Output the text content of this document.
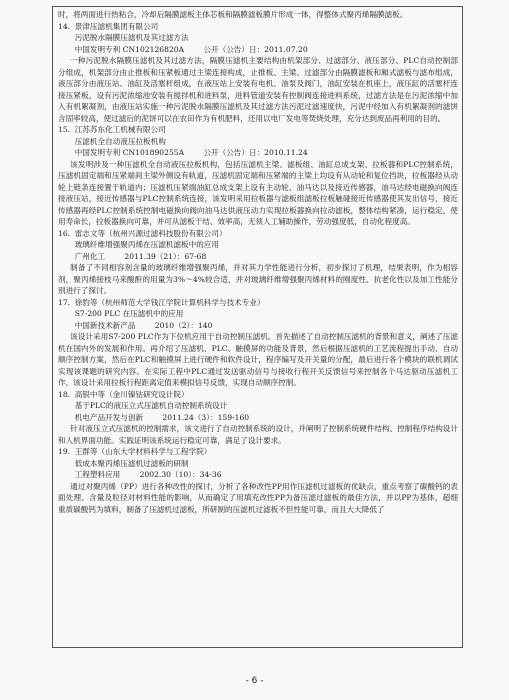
时，将两面进行热粘合，冷却后隔膜滤板主体芯板和隔膜滤板膜片形成一体，得整体式聚丙烯隔膜滤板。

14. 景津压滤机集团有限公司

污泥脱水隔膜压滤机及其过滤方法

中国发明专利 CN102126820A        公开（公告）日：2011.07.20

一种污泥脱水隔膜压滤机及其过滤方法，隔膜压滤机主要结构由机架部分、过滤部分、液压部分、PLC自动控制部分组成，机架部分由止推板和压紧板通过主梁连接构成，止推板、主梁、过滤部分由隔膜滤板和厢式滤板与滤布组成，液压部分由液压站、油缸及活塞杆组成，在液压站上安装有电机、油泵及阀门，油缸安装在机座上，液压缸的活塞杆连接压紧板，设有污泥浓缩池安装有搅拌机和进料泵，进料管道安装有控制阀连接进料系统，过滤方法是在污泥浓缩中加入有机絮凝剂，由液压站实施一种污泥脱水隔膜压滤机及其过滤方法污泥过滤速度快，污泥中经加入有机絮凝剂的滤饼含固率较高，使过滤后的泥饼可以在农田作为有机肥料，还用以电厂发电等焚烧处理，充分达到废品再利用的目的。

15. 江苏苏东化工机械有限公司

压滤机全自动液压拉板机构

中国发明专利 CN101890255A        公开（公告）日：2010.11.24

该发明涉及一种压滤机全自动液压拉板机构，包括压滤机主梁、滤板组、油缸总成支架、拉板器和PLC控制系统，压滤机固定端和压紧端间主梁外侧设有轨道，压滤机固定端和压紧端的主梁上均设有从动轮和复位挡块，拉板器经从动轮上链条连接置于轨道内；压滤机压紧端油缸总成支架上设有主动轮、油马达以及接近传感器，油马达经电磁换向阀连接液压站，接近传感器与PLC控制系统连接，该发明采用拉板器与滤板组滤板拉板触碰接近传感器使其发出信号，接近传感器再经PLC控制系统控制电磁换向阀向油马达供液压动力实现拉板器换向拉动滤板，整体结构紧凑，运行稳定，使用寿命长，拉板器换向可靠，并可从滤板干结、效率高，无须人工辅助操作，劳动强度低，自动化程度高。

16. 雷志文等（杭州兴源过滤科技股份有限公司）

玻璃纤维增强聚丙烯在压滤机滤板中的应用

广州化工        2011.39（21）：67-68

制备了不同相容剂含量的玻璃纤维增强聚丙烯，并对其力学性能进行分析，初步探讨了机理，结果表明，作为相容剂，聚丙烯接枝马来酸酐的用量为3%～4%较合适，并对玻璃纤维增强聚丙烯材料的刚度性、抗老化性以及加工性能分别进行了探讨。

17. 徐豹等（杭州师范大学钱江学院计算机科学与技术专业）

S7-200 PLC 在压滤机中的应用

中国新技术新产品        2010（2）：140

该设计采用S7-200 PLC作为下位机应用于自动控制压滤机。首先描述了自动控制压滤机的背景和意义，阐述了压滤机在国内外的发展和作用。再介绍了压滤机、PLC、触摸屏的功能及背景，然后根据压滤机的工艺流程提出手动、自动顺序控制方案，然后在PLC和触摸屏上进行硬件和软件设计，程序编写及开关量的分配，最后进行各个模块的联机调试实现该课题的研究内容。在实际工程中PLC通过发送驱动信号与接收行程开关反馈信号来控制各个马达驱动压滤机工作，该设计采用拉板行程距离定值来模拟信号反馈，实现自动顺序控制。

18. 高银中等（金川镍钴研究设计院）

基于PLC的液压立式压滤机自动控制系统设计

机电产品开发与创新        2011.24（3）：159-160

针对液压立式压滤机的控制需求，该文进行了自动控制系统的设计，并阐明了控制系统硬件结构、控制程序结构设计和人机界面功能。实践证明该系统运行稳定可靠，满足了设计要求。

19. 王群等（山东大学材料科学与工程学院）

低成本聚丙烯压滤机过滤板的研制

工程塑料应用        2002.30（10）：34-36

通过对聚丙烯（PP）进行各种改性的探讨，分析了各种改性PP用作压滤机过滤板的优缺点，重点考察了碳酸钙的表面处理、含量及粒径对材料性能的影响，从而确定了用填充改性PP为备压滤过滤板的最佳方法，并以PP为基体，超细重质碳酸钙为填料，制备了压滤机过滤板，所研制的压滤机过滤板不但性能可靠，而且大大降低了

- 6 -
